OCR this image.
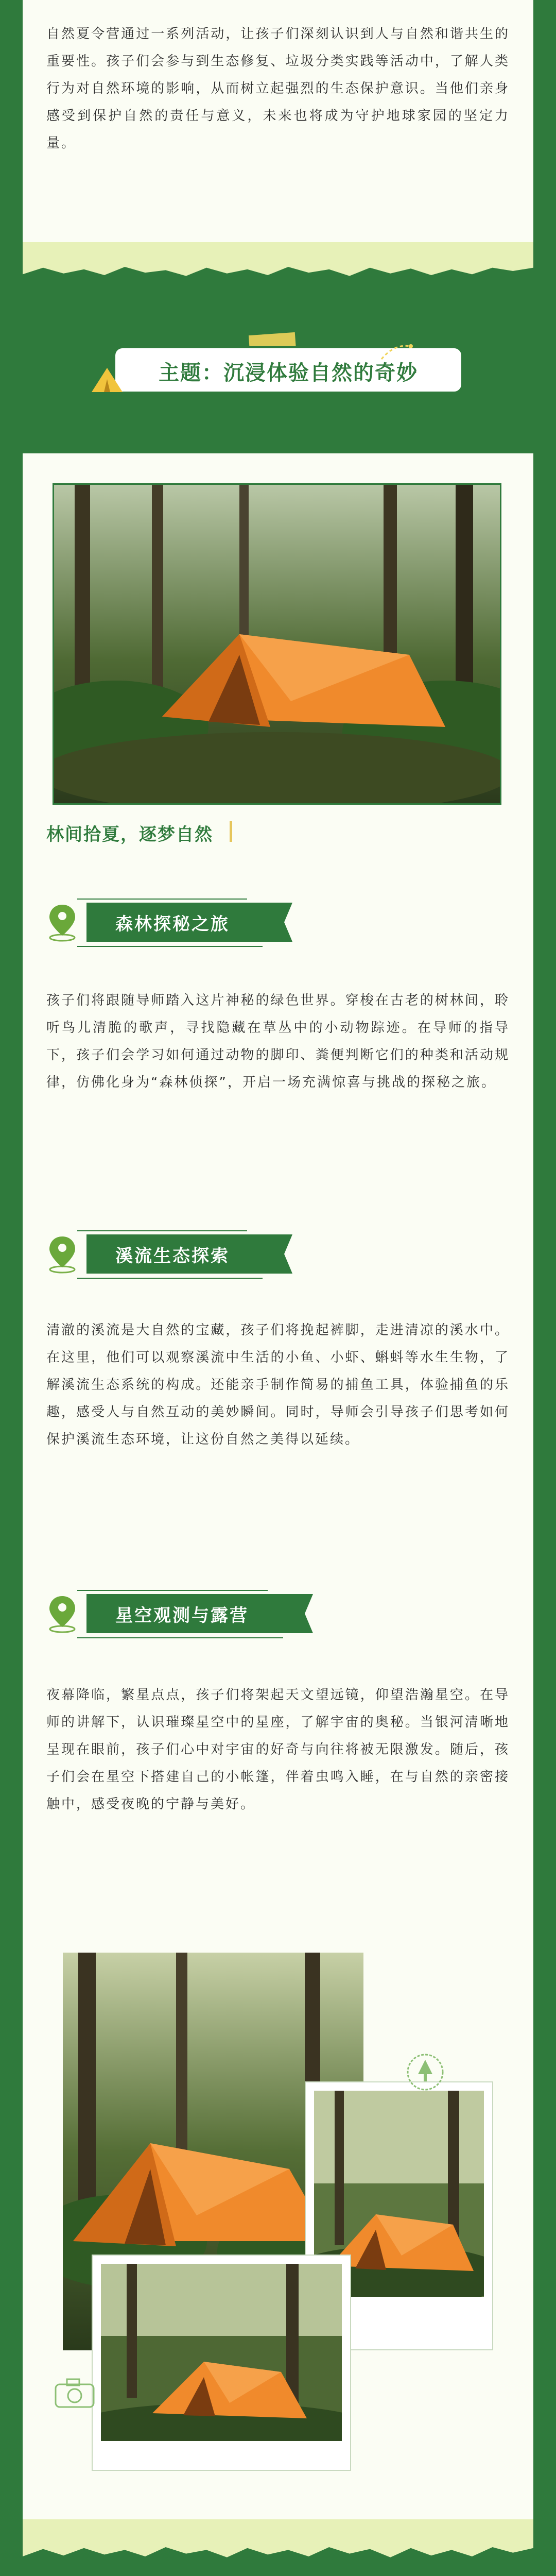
自然夏令营通过一系列活动，让孩子们深刻认识到人与自然和谐共生的重要性。孩子们会参与到生态修复、垃圾分类实践等活动中，了解人类行为对自然环境的影响，从而树立起强烈的生态保护意识。当他们亲身感受到保护自然的责任与意义，未来也将成为守护地球家园的坚定力量。
主题：沉浸体验自然的奇妙
林间拾夏，逐梦自然
森林探秘之旅
孩子们将跟随导师踏入这片神秘的绿色世界。穿梭在古老的树林间，聆听鸟儿清脆的歌声，寻找隐藏在草丛中的小动物踪迹。在导师的指导下，孩子们会学习如何通过动物的脚印、粪便判断它们的种类和活动规律，仿佛化身为“森林侦探”，开启一场充满惊喜与挑战的探秘之旅。
溪流生态探索
清澈的溪流是大自然的宝藏，孩子们将挽起裤脚，走进清凉的溪水中。在这里，他们可以观察溪流中生活的小鱼、小虾、蝌蚪等水生生物，了解溪流生态系统的构成。还能亲手制作简易的捕鱼工具，体验捕鱼的乐趣，感受人与自然互动的美妙瞬间。同时，导师会引导孩子们思考如何保护溪流生态环境，让这份自然之美得以延续。
星空观测与露营
夜幕降临，繁星点点，孩子们将架起天文望远镜，仰望浩瀚星空。在导师的讲解下，认识璀璨星空中的星座，了解宇宙的奥秘。当银河清晰地呈现在眼前，孩子们心中对宇宙的好奇与向往将被无限激发。随后，孩子们会在星空下搭建自己的小帐篷，伴着虫鸣入睡，在与自然的亲密接触中，感受夜晚的宁静与美好。
